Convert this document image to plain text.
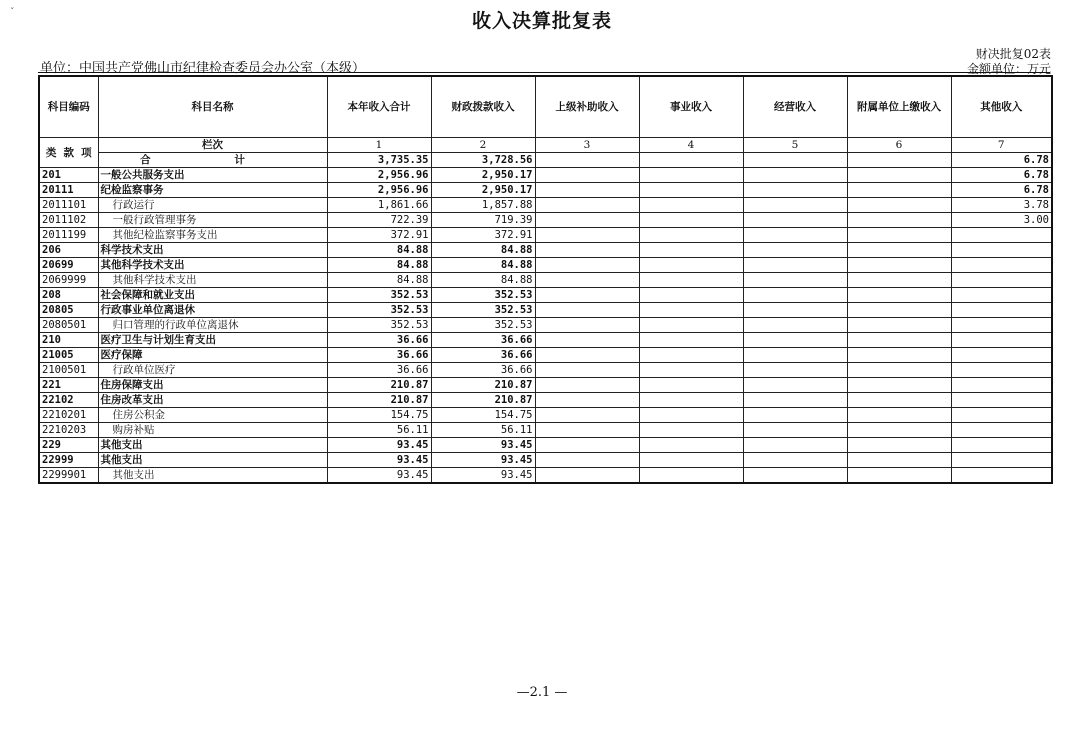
ˇ	收入决算批复表
财决批复02表
单位：中国共产党佛山市纪律检查委员会办公室（本级）	金额单位：万元
科目编码	科目名称	本年收入合计	财政拨款收入	上级补助收入	事业收入	经营收入	附属单位上缴收入	其他收入
类 款 项	栏次	1	2	3	4	5	6	7
	合 计	3,735.35	3,728.56					6.78
201	一般公共服务支出	2,956.96	2,950.17					6.78
20111	纪检监察事务	2,956.96	2,950.17					6.78
2011101	行政运行	1,861.66	1,857.88					3.78
2011102	一般行政管理事务	722.39	719.39					3.00
2011199	其他纪检监察事务支出	372.91	372.91					
206	科学技术支出	84.88	84.88					
20699	其他科学技术支出	84.88	84.88					
2069999	其他科学技术支出	84.88	84.88					
208	社会保障和就业支出	352.53	352.53					
20805	行政事业单位离退休	352.53	352.53					
2080501	归口管理的行政单位离退休	352.53	352.53					
210	医疗卫生与计划生育支出	36.66	36.66					
21005	医疗保障	36.66	36.66					
2100501	行政单位医疗	36.66	36.66					
221	住房保障支出	210.87	210.87					
22102	住房改革支出	210.87	210.87					
2210201	住房公积金	154.75	154.75					
2210203	购房补贴	56.11	56.11					
229	其他支出	93.45	93.45					
22999	其他支出	93.45	93.45					
2299901	其他支出	93.45	93.45					
—2.1 —
